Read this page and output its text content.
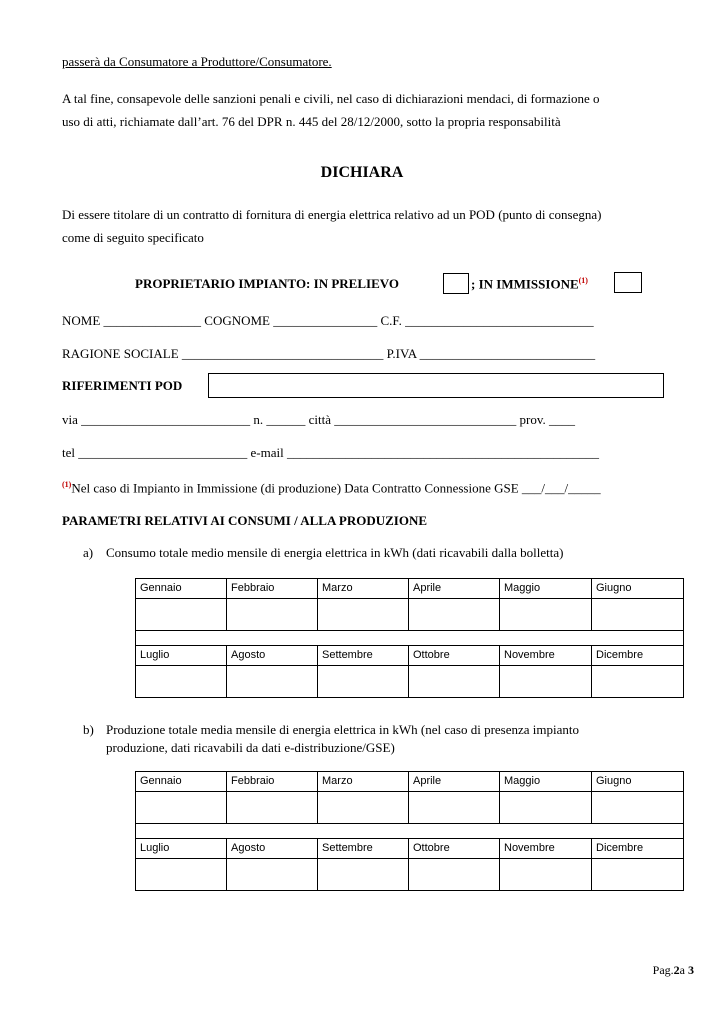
passerà da Consumatore a Produttore/Consumatore.
A tal fine, consapevole delle sanzioni penali e civili, nel caso di dichiarazioni mendaci, di formazione o
uso di atti, richiamate dall’art. 76 del DPR n. 445 del 28/12/2000, sotto la propria responsabilità
DICHIARA
Di essere titolare di un contratto di fornitura di energia elettrica relativo ad un POD (punto di consegna)
come di seguito specificato
PROPRIETARIO IMPIANTO: IN PRELIEVO	; IN IMMISSIONE$^{(1)}$
NOME _______________ COGNOME ________________ C.F. _____________________________
RAGIONE SOCIALE _______________________________ P.IVA ___________________________
RIFERIMENTI POD
via __________________________ n. ______ città ____________________________ prov. ____
tel __________________________ e-mail ________________________________________________
$^{(1)}$Nel caso di Impianto in Immissione (di produzione) Data Contratto Connessione GSE ___/___/_____
PARAMETRI RELATIVI AI CONSUMI / ALLA PRODUZIONE
a) Consumo totale medio mensile di energia elettrica in kWh (dati ricavabili dalla bolletta)
Gennaio	Febbraio	Marzo	Aprile	Maggio	Giugno

Luglio	Agosto	Settembre	Ottobre	Novembre	Dicembre

b) Produzione totale media mensile di energia elettrica in kWh (nel caso di presenza impianto
produzione, dati ricavabili da dati e-distribuzione/GSE)
Gennaio	Febbraio	Marzo	Aprile	Maggio	Giugno

Luglio	Agosto	Settembre	Ottobre	Novembre	Dicembre

Pag.2a 3
